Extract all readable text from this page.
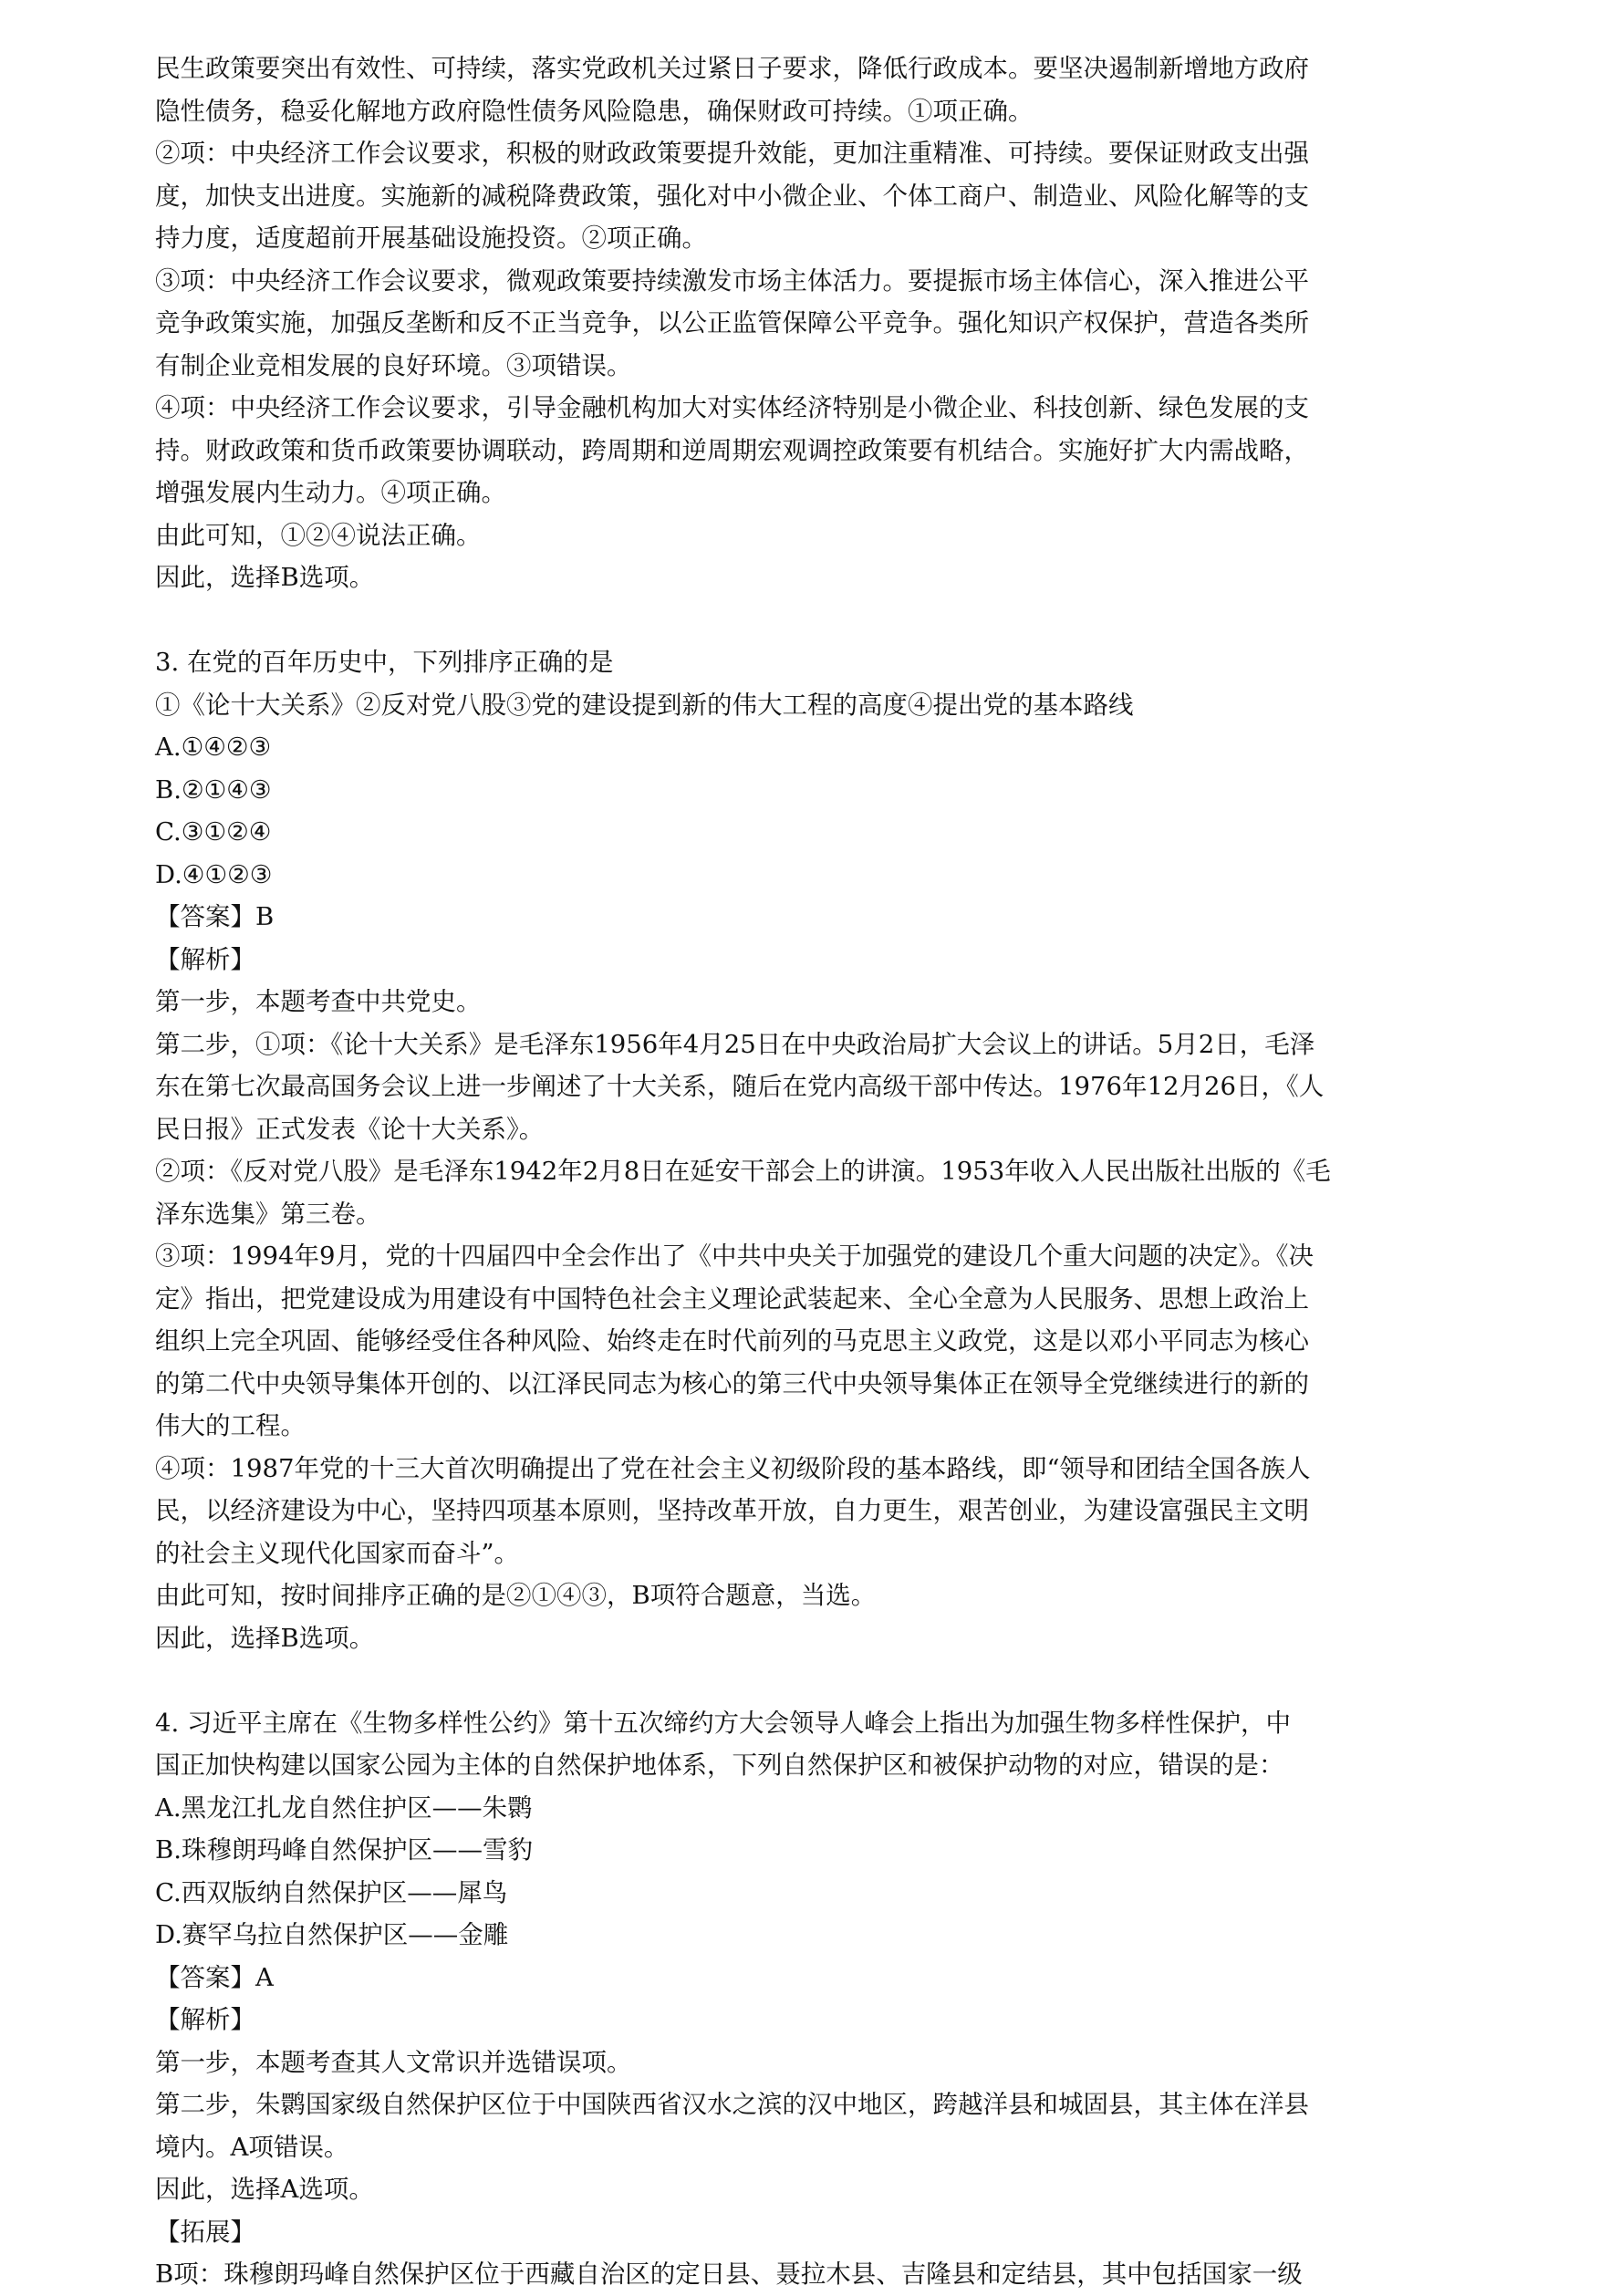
民生政策要突出有效性、可持续，落实党政机关过紧日子要求，降低行政成本。要坚决遏制新增地方政府
隐性债务，稳妥化解地方政府隐性债务风险隐患，确保财政可持续。①项正确。
②项：中央经济工作会议要求，积极的财政政策要提升效能，更加注重精准、可持续。要保证财政支出强
度，加快支出进度。实施新的减税降费政策，强化对中小微企业、个体工商户、制造业、风险化解等的支
持力度，适度超前开展基础设施投资。②项正确。
③项：中央经济工作会议要求，微观政策要持续激发市场主体活力。要提振市场主体信心，深入推进公平
竞争政策实施，加强反垄断和反不正当竞争，以公正监管保障公平竞争。强化知识产权保护，营造各类所
有制企业竞相发展的良好环境。③项错误。
④项：中央经济工作会议要求，引导金融机构加大对实体经济特别是小微企业、科技创新、绿色发展的支
持。财政政策和货币政策要协调联动，跨周期和逆周期宏观调控政策要有机结合。实施好扩大内需战略，
增强发展内生动力。④项正确。
由此可知，①②④说法正确。
因此，选择B选项。
3. 在党的百年历史中，下列排序正确的是
①《论十大关系》②反对党八股③党的建设提到新的伟大工程的高度④提出党的基本路线
A.①④②③
B.②①④③
C.③①②④
D.④①②③
【答案】B
【解析】
第一步，本题考查中共党史。
第二步，①项：《论十大关系》是毛泽东1956年4月25日在中央政治局扩大会议上的讲话。5月2日，毛泽
东在第七次最高国务会议上进一步阐述了十大关系，随后在党内高级干部中传达。1976年12月26日，《人
民日报》正式发表《论十大关系》。
②项：《反对党八股》是毛泽东1942年2月8日在延安干部会上的讲演。1953年收入人民出版社出版的《毛
泽东选集》第三卷。
③项：1994年9月，党的十四届四中全会作出了《中共中央关于加强党的建设几个重大问题的决定》。《决
定》指出，把党建设成为用建设有中国特色社会主义理论武装起来、全心全意为人民服务、思想上政治上
组织上完全巩固、能够经受住各种风险、始终走在时代前列的马克思主义政党，这是以邓小平同志为核心
的第二代中央领导集体开创的、以江泽民同志为核心的第三代中央领导集体正在领导全党继续进行的新的
伟大的工程。
④项：1987年党的十三大首次明确提出了党在社会主义初级阶段的基本路线，即“领导和团结全国各族人
民，以经济建设为中心，坚持四项基本原则，坚持改革开放，自力更生，艰苦创业，为建设富强民主文明
的社会主义现代化国家而奋斗”。
由此可知，按时间排序正确的是②①④③，B项符合题意，当选。
因此，选择B选项。
4. 习近平主席在《生物多样性公约》第十五次缔约方大会领导人峰会上指出为加强生物多样性保护，中
国正加快构建以国家公园为主体的自然保护地体系，下列自然保护区和被保护动物的对应，错误的是：
A.黑龙江扎龙自然住护区——朱鹮
B.珠穆朗玛峰自然保护区——雪豹
C.西双版纳自然保护区——犀鸟
D.赛罕乌拉自然保护区——金雕
【答案】A
【解析】
第一步，本题考查其人文常识并选错误项。
第二步，朱鹮国家级自然保护区位于中国陕西省汉水之滨的汉中地区，跨越洋县和城固县，其主体在洋县
境内。A项错误。
因此，选择A选项。
【拓展】
B项：珠穆朗玛峰自然保护区位于西藏自治区的定日县、聂拉木县、吉隆县和定结县，其中包括国家一级
